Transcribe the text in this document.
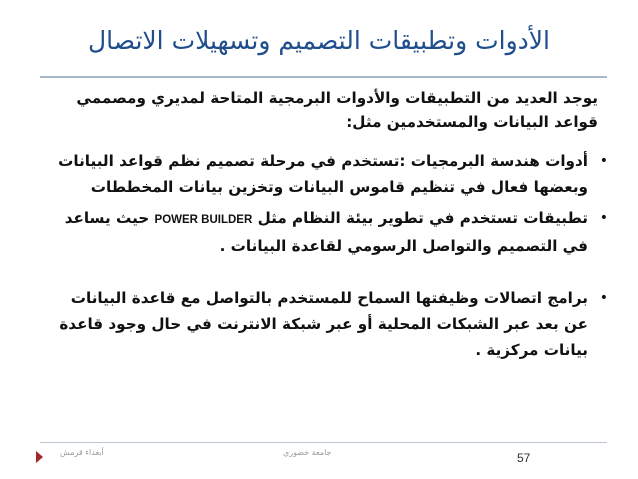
الأدوات وتطبيقات التصميم وتسهيلات الاتصال
يوجد العديد من التطبيقات والأدوات البرمجية المتاحة لمديري ومصممي قواعد البيانات والمستخدمين مثل:
•
أدوات هندسة البرمجيات :تستخدم في مرحلة تصميم نظم قواعد البيانات وبعضها فعال في تنظيم قاموس البيانات وتخزين بيانات المخططات
•
تطبيقات تستخدم في تطوير بيئة النظام مثل POWER BUILDER حيث يساعد في التصميم والتواصل الرسومي لقاعدة البيانات .
•
برامج اتصالات وظيفتها السماح للمستخدم بالتواصل مع قاعدة البيانات عن بعد عبر الشبكات المحلية أو عبر شبكة الانترنت في حال وجود قاعدة بيانات مركزية .
أبغداء قرمش	جامعة خضوري	57
